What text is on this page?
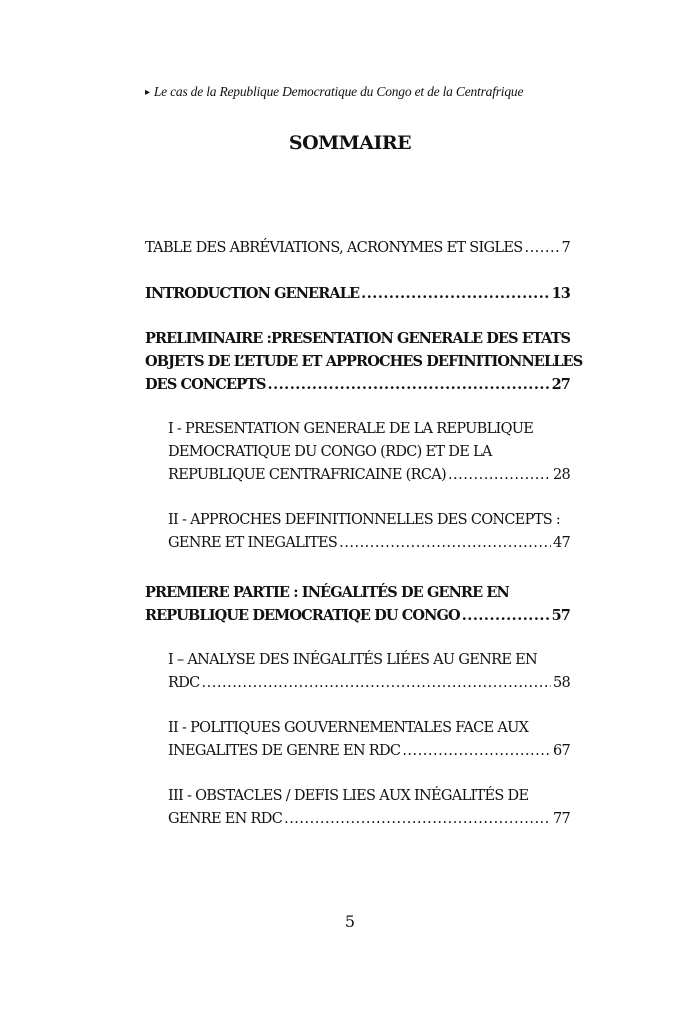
▸ Le cas de la Republique Democratique du Congo et de la Centrafrique
SOMMAIRE
TABLE DES ABRÉVIATIONS, ACRONYMES ET SIGLES .....	7
INTRODUCTION GENERALE .....	13
PRELIMINAIRE :PRESENTATION GENERALE DES ETATS
OBJETS DE L’ETUDE ET APPROCHES DEFINITIONNELLES
DES CONCEPTS .....	27
I - PRESENTATION GENERALE DE LA REPUBLIQUE
DEMOCRATIQUE DU CONGO (RDC) ET DE LA
REPUBLIQUE CENTRAFRICAINE (RCA) .....	28
II - APPROCHES DEFINITIONNELLES DES CONCEPTS :
GENRE ET INEGALITES .....	47
PREMIERE PARTIE : INÉGALITÉS DE GENRE EN
REPUBLIQUE DEMOCRATIQE DU CONGO .....	57
I – ANALYSE DES INÉGALITÉS LIÉES AU GENRE EN
RDC .....	58
II - POLITIQUES GOUVERNEMENTALES FACE AUX
INEGALITES DE GENRE EN RDC .....	67
III - OBSTACLES / DEFIS LIES AUX INÉGALITÉS DE
GENRE EN RDC .....	77
5
